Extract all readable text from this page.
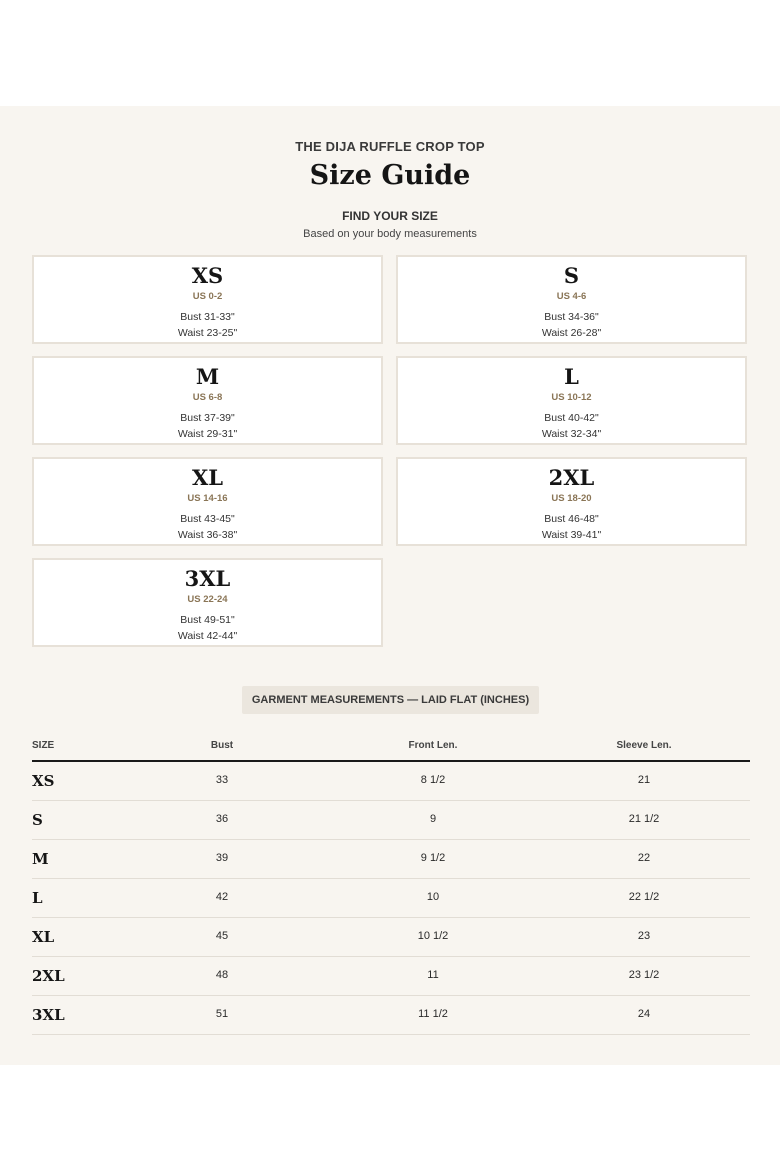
THE DIJA RUFFLE CROP TOP
Size Guide
FIND YOUR SIZE
Based on your body measurements
XS
US 0-2
Bust 31-33"
Waist 23-25"
S
US 4-6
Bust 34-36"
Waist 26-28"
M
US 6-8
Bust 37-39"
Waist 29-31"
L
US 10-12
Bust 40-42"
Waist 32-34"
XL
US 14-16
Bust 43-45"
Waist 36-38"
2XL
US 18-20
Bust 46-48"
Waist 39-41"
3XL
US 22-24
Bust 49-51"
Waist 42-44"
GARMENT MEASUREMENTS — LAID FLAT (INCHES)
SIZE	Bust	Front Len.	Sleeve Len.
XS	33	8 1/2	21
S	36	9	21 1/2
M	39	9 1/2	22
L	42	10	22 1/2
XL	45	10 1/2	23
2XL	48	11	23 1/2
3XL	51	11 1/2	24
